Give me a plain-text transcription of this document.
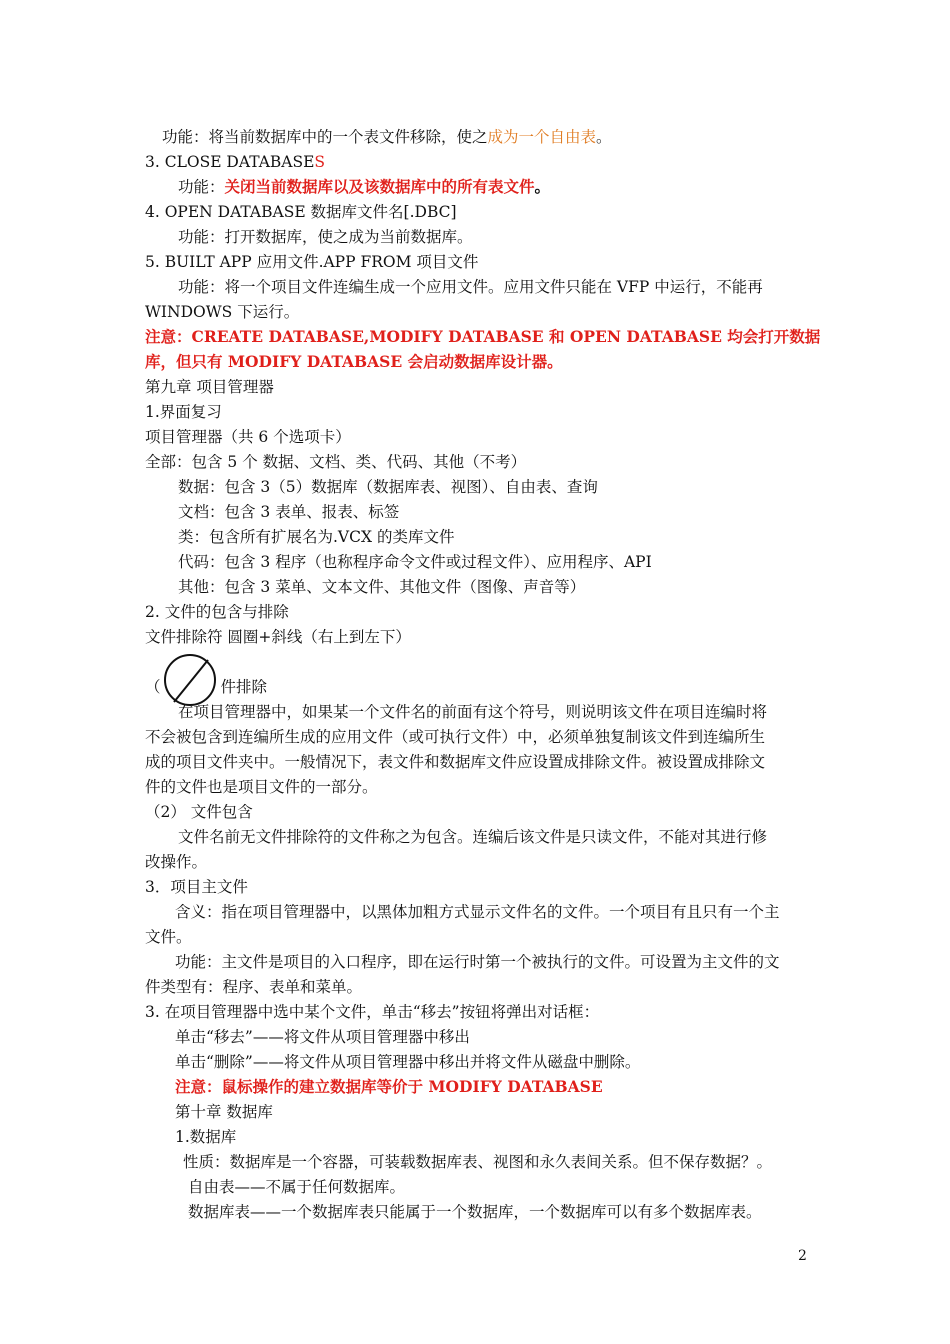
功能：将当前数据库中的一个表文件移除，使之成为一个自由表。
3. CLOSE DATABASES
功能：关闭当前数据库以及该数据库中的所有表文件。
4. OPEN DATABASE 数据库文件名[.DBC]
功能：打开数据库，使之成为当前数据库。
5. BUILT APP 应用文件.APP FROM 项目文件
功能：将一个项目文件连编生成一个应用文件。应用文件只能在 VFP 中运行，不能再
WINDOWS 下运行。
注意：CREATE DATABASE,MODIFY DATABASE 和 OPEN DATABASE 均会打开数据
库，但只有 MODIFY DATABASE 会启动数据库设计器。
第九章 项目管理器
1.界面复习
项目管理器（共 6 个选项卡）
全部：包含 5 个 数据、文档、类、代码、其他（不考）
数据：包含 3（5）数据库（数据库表、视图）、自由表、查询
文档：包含 3 表单、报表、标签
类：包含所有扩展名为.VCX 的类库文件
代码：包含 3 程序（也称程序命令文件或过程文件）、应用程序、API
其他：包含 3 菜单、文本文件、其他文件（图像、声音等）
2. 文件的包含与排除
文件排除符 圆圈+斜线（右上到左下）
（	件排除
在项目管理器中，如果某一个文件名的前面有这个符号，则说明该文件在项目连编时将
不会被包含到连编所生成的应用文件（或可执行文件）中，必须单独复制该文件到连编所生
成的项目文件夹中。一般情况下，表文件和数据库文件应设置成排除文件。被设置成排除文
件的文件也是项目文件的一部分。
（2） 文件包含
文件名前无文件排除符的文件称之为包含。连编后该文件是只读文件，不能对其进行修
改操作。
3．项目主文件
含义：指在项目管理器中，以黑体加粗方式显示文件名的文件。一个项目有且只有一个主
文件。
功能：主文件是项目的入口程序，即在运行时第一个被执行的文件。可设置为主文件的文
件类型有：程序、表单和菜单。
3. 在项目管理器中选中某个文件，单击“移去”按钮将弹出对话框：
单击“移去”——将文件从项目管理器中移出
单击“删除”——将文件从项目管理器中移出并将文件从磁盘中删除。
注意：鼠标操作的建立数据库等价于 MODIFY DATABASE
第十章 数据库
1.数据库
性质：数据库是一个容器，可装载数据库表、视图和永久表间关系。但不保存数据？。
自由表——不属于任何数据库。
数据库表——一个数据库表只能属于一个数据库，一个数据库可以有多个数据库表。
2
